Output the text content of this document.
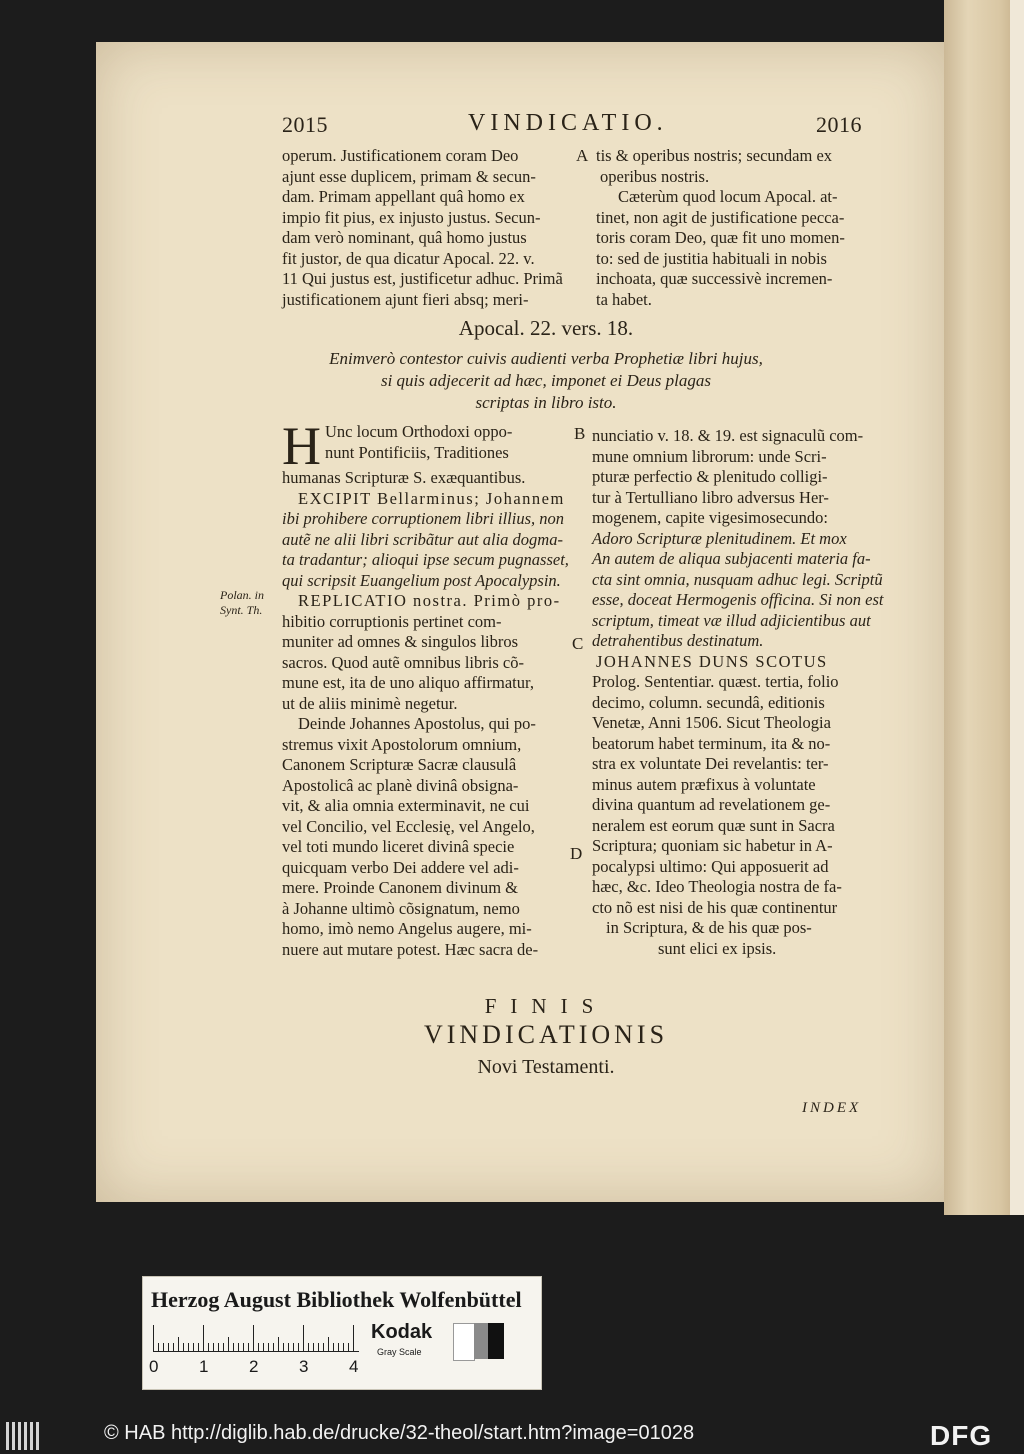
2015	VINDICATIO.	2016
operum. Justificationem coram Deo
ajunt esse duplicem, primam & secun-
dam. Primam appellant quâ homo ex
impio fit pius, ex injusto justus. Secun-
dam verò nominant, quâ homo justus
fit justor, de qua dicatur Apocal. 22. v.
11 Qui justus est, justificetur adhuc. Primã
justificationem ajunt fieri absq; meri-
A tis & operibus nostris; secundam ex
operibus nostris.
Cæterùm quod locum Apocal. at-
tinet, non agit de justificatione pecca-
toris coram Deo, quæ fit uno momen-
to: sed de justitia habituali in nobis
inchoata, quæ successivè incremen-
ta habet.
Apocal. 22. vers. 18.
Enimverò contestor cuivis audienti verba Prophetiæ libri hujus,
si quis adjecerit ad hæc, imponet ei Deus plagas
scriptas in libro isto.
Polan. in
Synt. Th.
H Unc locum Orthodoxi oppo-
nunt Pontificiis, Traditiones
humanas Scripturæ S. exæquantibus.
EXCIPIT Bellarminus; Johannem
ibi prohibere corruptionem libri illius, non
autẽ ne alii libri scribãtur aut alia dogma-
ta tradantur; alioqui ipse secum pugnasset,
qui scripsit Euangelium post Apocalypsin.
REPLICATIO nostra. Primò pro-
hibitio corruptionis pertinet com-
muniter ad omnes & singulos libros
sacros. Quod autẽ omnibus libris cõ-
mune est, ita de uno aliquo affirmatur,
ut de aliis minimè negetur.
Deinde Johannes Apostolus, qui po-
stremus vixit Apostolorum omnium,
Canonem Scripturæ Sacræ clausulâ
Apostolicâ ac planè divinâ obsigna-
vit, & alia omnia exterminavit, ne cui
vel Concilio, vel Ecclesię, vel Angelo,
vel toti mundo liceret divinâ specie
quicquam verbo Dei addere vel adi-
mere. Proinde Canonem divinum &
à Johanne ultimò cõsignatum, nemo
homo, imò nemo Angelus augere, mi-
nuere aut mutare potest. Hæc sacra de-
B
C
D
nunciatio v. 18. & 19. est signaculũ com-
mune omnium librorum: unde Scri-
pturæ perfectio & plenitudo colligi-
tur à Tertulliano libro adversus Her-
mogenem, capite vigesimosecundo:
Adoro Scripturæ plenitudinem. Et mox
An autem de aliqua subjacenti materia fa-
cta sint omnia, nusquam adhuc legi. Scriptũ
esse, doceat Hermogenis officina. Si non est
scriptum, timeat væ illud adjicientibus aut
detrahentibus destinatum.
JOHANNES DUNS SCOTUS
Prolog. Sententiar. quæst. tertia, folio
decimo, column. secundâ, editionis
Venetæ, Anni 1506. Sicut Theologia
beatorum habet terminum, ita & no-
stra ex voluntate Dei revelantis: ter-
minus autem præfixus à voluntate
divina quantum ad revelationem ge-
neralem est eorum quæ sunt in Sacra
Scriptura; quoniam sic habetur in A-
pocalypsi ultimo: Qui apposuerit ad
hæc, &c. Ideo Theologia nostra de fa-
cto nõ est nisi de his quæ continentur
in Scriptura, & de his quæ pos-
sunt elici ex ipsis.
FINIS
VINDICATIONIS
Novi Testamenti.
INDEX
Herzog August Bibliothek Wolfenbüttel
0 1 2 3 4
Kodak
Gray Scale
© HAB http://diglib.hab.de/drucke/32-theol/start.htm?image=01028	DFG
